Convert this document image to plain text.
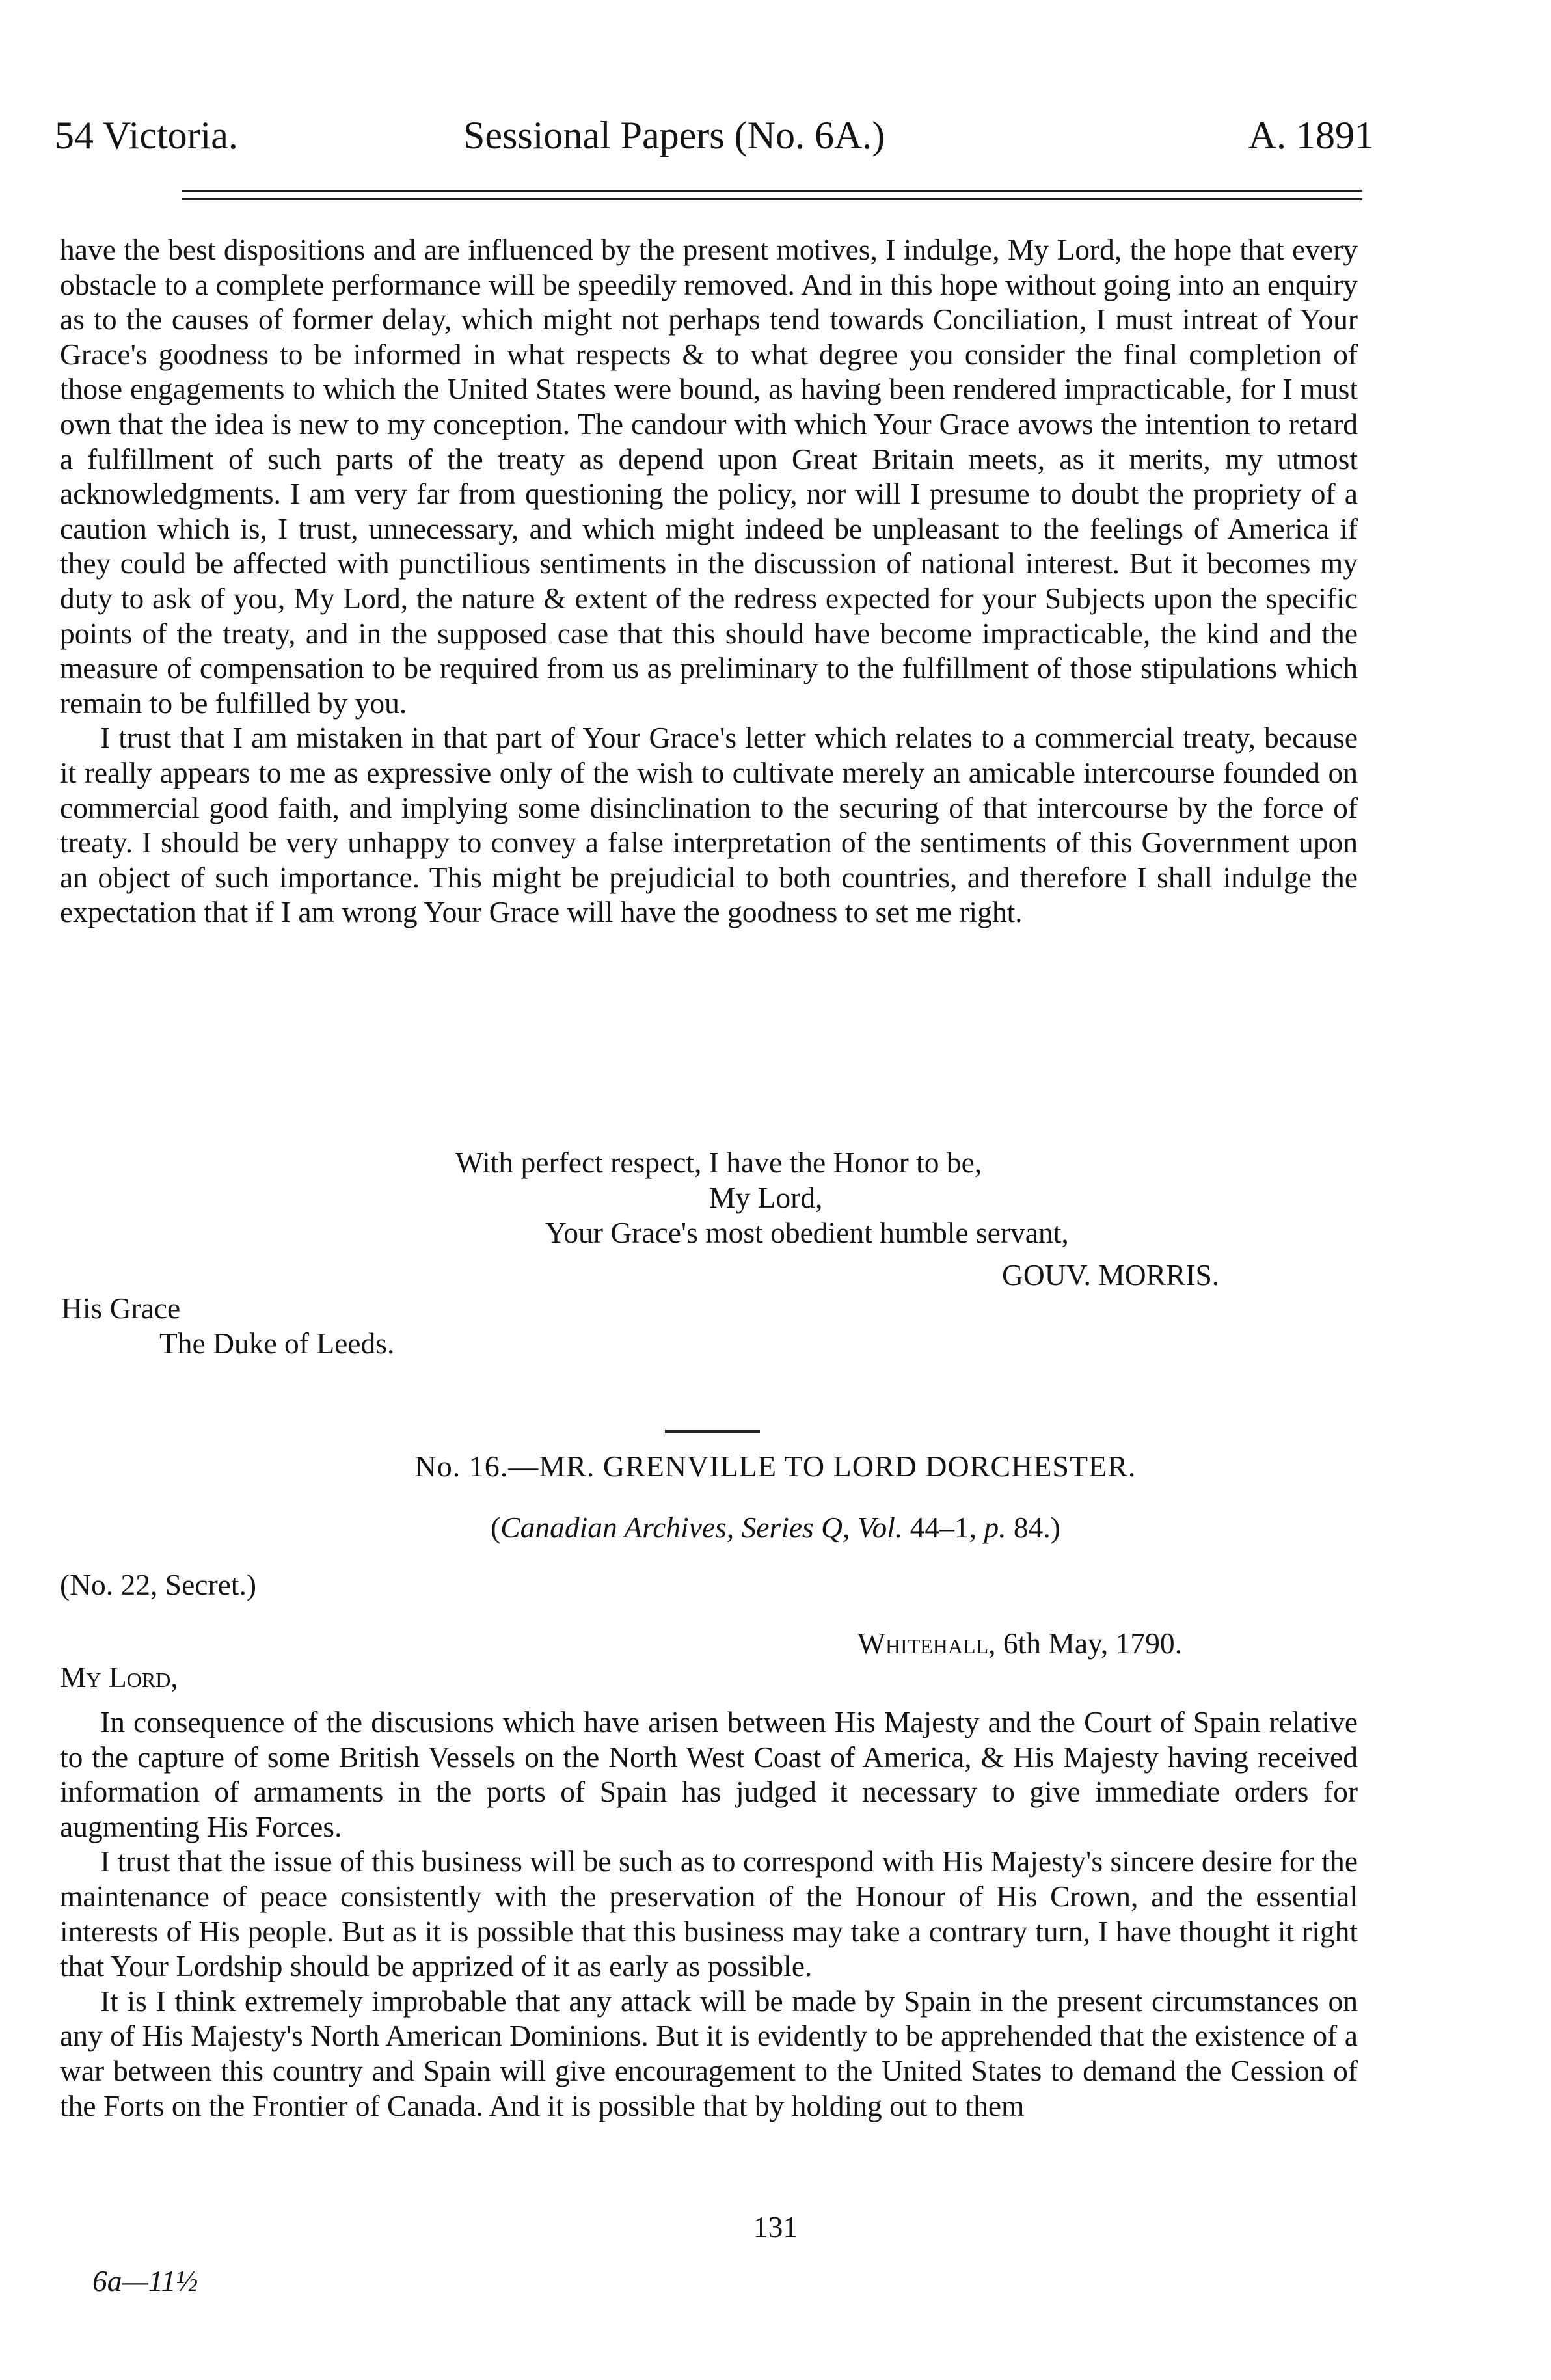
54 Victoria.	Sessional Papers (No. 6A.)	A. 1891

have the best dispositions and are influenced by the present motives, I indulge, My Lord, the hope that every obstacle to a complete performance will be speedily removed. And in this hope without going into an enquiry as to the causes of former delay, which might not perhaps tend towards Conciliation, I must intreat of Your Grace's goodness to be informed in what respects & to what degree you consider the final completion of those engagements to which the United States were bound, as having been rendered impracticable, for I must own that the idea is new to my conception. The candour with which Your Grace avows the intention to retard a fulfillment of such parts of the treaty as depend upon Great Britain meets, as it merits, my utmost acknowledgments. I am very far from questioning the policy, nor will I presume to doubt the propriety of a caution which is, I trust, unnecessary, and which might indeed be unpleasant to the feelings of America if they could be affected with punctilious sentiments in the discussion of national interest. But it becomes my duty to ask of you, My Lord, the nature & extent of the redress expected for your Subjects upon the specific points of the treaty, and in the supposed case that this should have become impracticable, the kind and the measure of compensation to be required from us as preliminary to the fulfillment of those stipulations which remain to be fulfilled by you.

I trust that I am mistaken in that part of Your Grace's letter which relates to a commercial treaty, because it really appears to me as expressive only of the wish to cultivate merely an amicable intercourse founded on commercial good faith, and implying some disinclination to the securing of that intercourse by the force of treaty. I should be very unhappy to convey a false interpretation of the sentiments of this Government upon an object of such importance. This might be prejudicial to both countries, and therefore I shall indulge the expectation that if I am wrong Your Grace will have the goodness to set me right.

With perfect respect, I have the Honor to be,
My Lord,
Your Grace's most obedient humble servant,
GOUV. MORRIS.
His Grace
The Duke of Leeds.
No. 16.—MR. GRENVILLE TO LORD DORCHESTER.
(Canadian Archives, Series Q, Vol. 44–1, p. 84.)
(No. 22, Secret.)
Whitehall, 6th May, 1790.
My Lord,

In consequence of the discusions which have arisen between His Majesty and the Court of Spain relative to the capture of some British Vessels on the North West Coast of America, & His Majesty having received information of armaments in the ports of Spain has judged it necessary to give immediate orders for augmenting His Forces.

I trust that the issue of this business will be such as to correspond with His Majesty's sincere desire for the maintenance of peace consistently with the preservation of the Honour of His Crown, and the essential interests of His people. But as it is possible that this business may take a contrary turn, I have thought it right that Your Lordship should be apprized of it as early as possible.

It is I think extremely improbable that any attack will be made by Spain in the present circumstances on any of His Majesty's North American Dominions. But it is evidently to be apprehended that the existence of a war between this country and Spain will give encouragement to the United States to demand the Cession of the Forts on the Frontier of Canada. And it is possible that by holding out to them

131
6a—11½
